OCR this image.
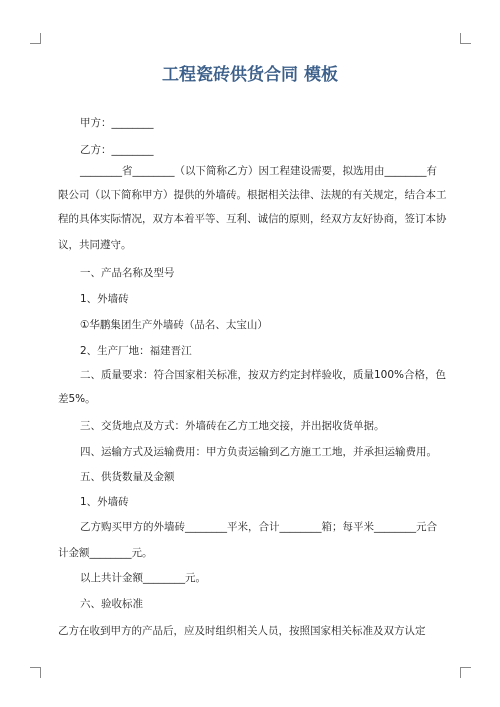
工程瓷砖供货合同 模板
甲方：________
乙方：________
________省________（以下简称乙方）因工程建设需要，拟选用由________有
限公司（以下简称甲方）提供的外墙砖。根据相关法律、法规的有关规定，结合本工
程的具体实际情况，双方本着平等、互利、诚信的原则，经双方友好协商，签订本协
议，共同遵守。
一、产品名称及型号
1、外墙砖
①华鹏集团生产外墙砖（品名、太宝山）
2、生产厂地：福建晋江
二、质量要求：符合国家相关标准，按双方约定封样验收，质量100%合格，色
差5%。
三、交货地点及方式：外墙砖在乙方工地交接，并出据收货单据。
四、运输方式及运输费用：甲方负责运输到乙方施工工地，并承担运输费用。
五、供货数量及金额
1、外墙砖
乙方购买甲方的外墙砖________平米，合计________箱；每平米________元合
计金额________元。
以上共计金额________元。
六、验收标准
乙方在收到甲方的产品后，应及时组织相关人员，按照国家相关标准及双方认定
